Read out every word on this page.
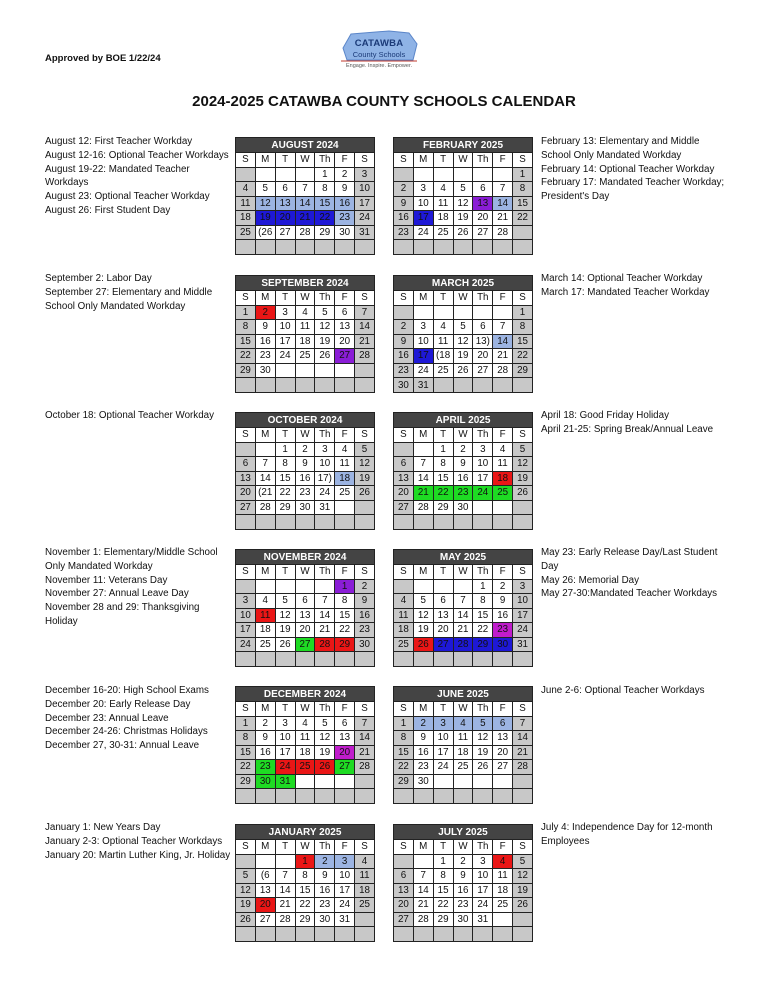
Approved by BOE 1/22/24
CATAWBA
County Schools
Engage. Inspire. Empower.
2024-2025 CATAWBA COUNTY SCHOOLS CALENDAR
August 12: First Teacher Workday
August 12-16: Optional Teacher Workdays
August 19-22: Mandated Teacher Workdays
August 23: Optional Teacher Workday
August 26: First Student Day
September 2: Labor Day
September 27: Elementary and Middle School Only Mandated Workday
October 18: Optional Teacher Workday
November 1: Elementary/Middle School Only Mandated Workday
November 11: Veterans Day
November 27: Annual Leave Day
November 28 and 29: Thanksgiving Holiday
December 16-20: High School Exams
December 20: Early Release Day
December 23: Annual Leave
December 24-26: Christmas Holidays
December 27, 30-31: Annual Leave
January 1: New Years Day
January 2-3: Optional Teacher Workdays
January 20: Martin Luther King, Jr. Holiday
February 13: Elementary and Middle School Only Mandated Workday
February 14: Optional Teacher Workday
February 17: Mandated Teacher Workday; President's Day
March 14: Optional Teacher Workday
March 17: Mandated Teacher Workday
April 18: Good Friday Holiday
April 21-25: Spring Break/Annual Leave
May 23: Early Release Day/Last Student Day
May 26: Memorial Day
May 27-30:Mandated Teacher Workdays
June 2-6: Optional Teacher Workdays
July 4: Independence Day for 12-month Employees
AUGUST 2024						
S	M	T	W	Th	F	S
				1	2	3
4	5	6	7	8	9	10
11	12	13	14	15	16	17
18	19	20	21	22	23	24
25	(26	27	28	29	30	31

SEPTEMBER 2024						
S	M	T	W	Th	F	S
1	2	3	4	5	6	7
8	9	10	11	12	13	14
15	16	17	18	19	20	21
22	23	24	25	26	27	28
29	30					

OCTOBER 2024						
S	M	T	W	Th	F	S
		1	2	3	4	5
6	7	8	9	10	11	12
13	14	15	16	17)	18	19
20	(21	22	23	24	25	26
27	28	29	30	31		

NOVEMBER 2024						
S	M	T	W	Th	F	S
					1	2
3	4	5	6	7	8	9
10	11	12	13	14	15	16
17	18	19	20	21	22	23
24	25	26	27	28	29	30

DECEMBER 2024						
S	M	T	W	Th	F	S
1	2	3	4	5	6	7
8	9	10	11	12	13	14
15	16	17	18	19	20	21
22	23	24	25	26	27	28
29	30	31				

JANUARY 2025						
S	M	T	W	Th	F	S
			1	2	3	4
5	(6	7	8	9	10	11
12	13	14	15	16	17	18
19	20	21	22	23	24	25
26	27	28	29	30	31	

FEBRUARY 2025						
S	M	T	W	Th	F	S
						1
2	3	4	5	6	7	8
9	10	11	12	13	14	15
16	17	18	19	20	21	22
23	24	25	26	27	28	

MARCH 2025						
S	M	T	W	Th	F	S
						1
2	3	4	5	6	7	8
9	10	11	12	13)	14	15
16	17	(18	19	20	21	22
23	24	25	26	27	28	29
30	31					
APRIL 2025						
S	M	T	W	Th	F	S
		1	2	3	4	5
6	7	8	9	10	11	12
13	14	15	16	17	18	19
20	21	22	23	24	25	26
27	28	29	30			

MAY 2025						
S	M	T	W	Th	F	S
				1	2	3
4	5	6	7	8	9	10
11	12	13	14	15	16	17
18	19	20	21	22	23	24
25	26	27	28	29	30	31

JUNE 2025						
S	M	T	W	Th	F	S
1	2	3	4	5	6	7
8	9	10	11	12	13	14
15	16	17	18	19	20	21
22	23	24	25	26	27	28
29	30					

JULY 2025						
S	M	T	W	Th	F	S
		1	2	3	4	5
6	7	8	9	10	11	12
13	14	15	16	17	18	19
20	21	22	23	24	25	26
27	28	29	30	31		
